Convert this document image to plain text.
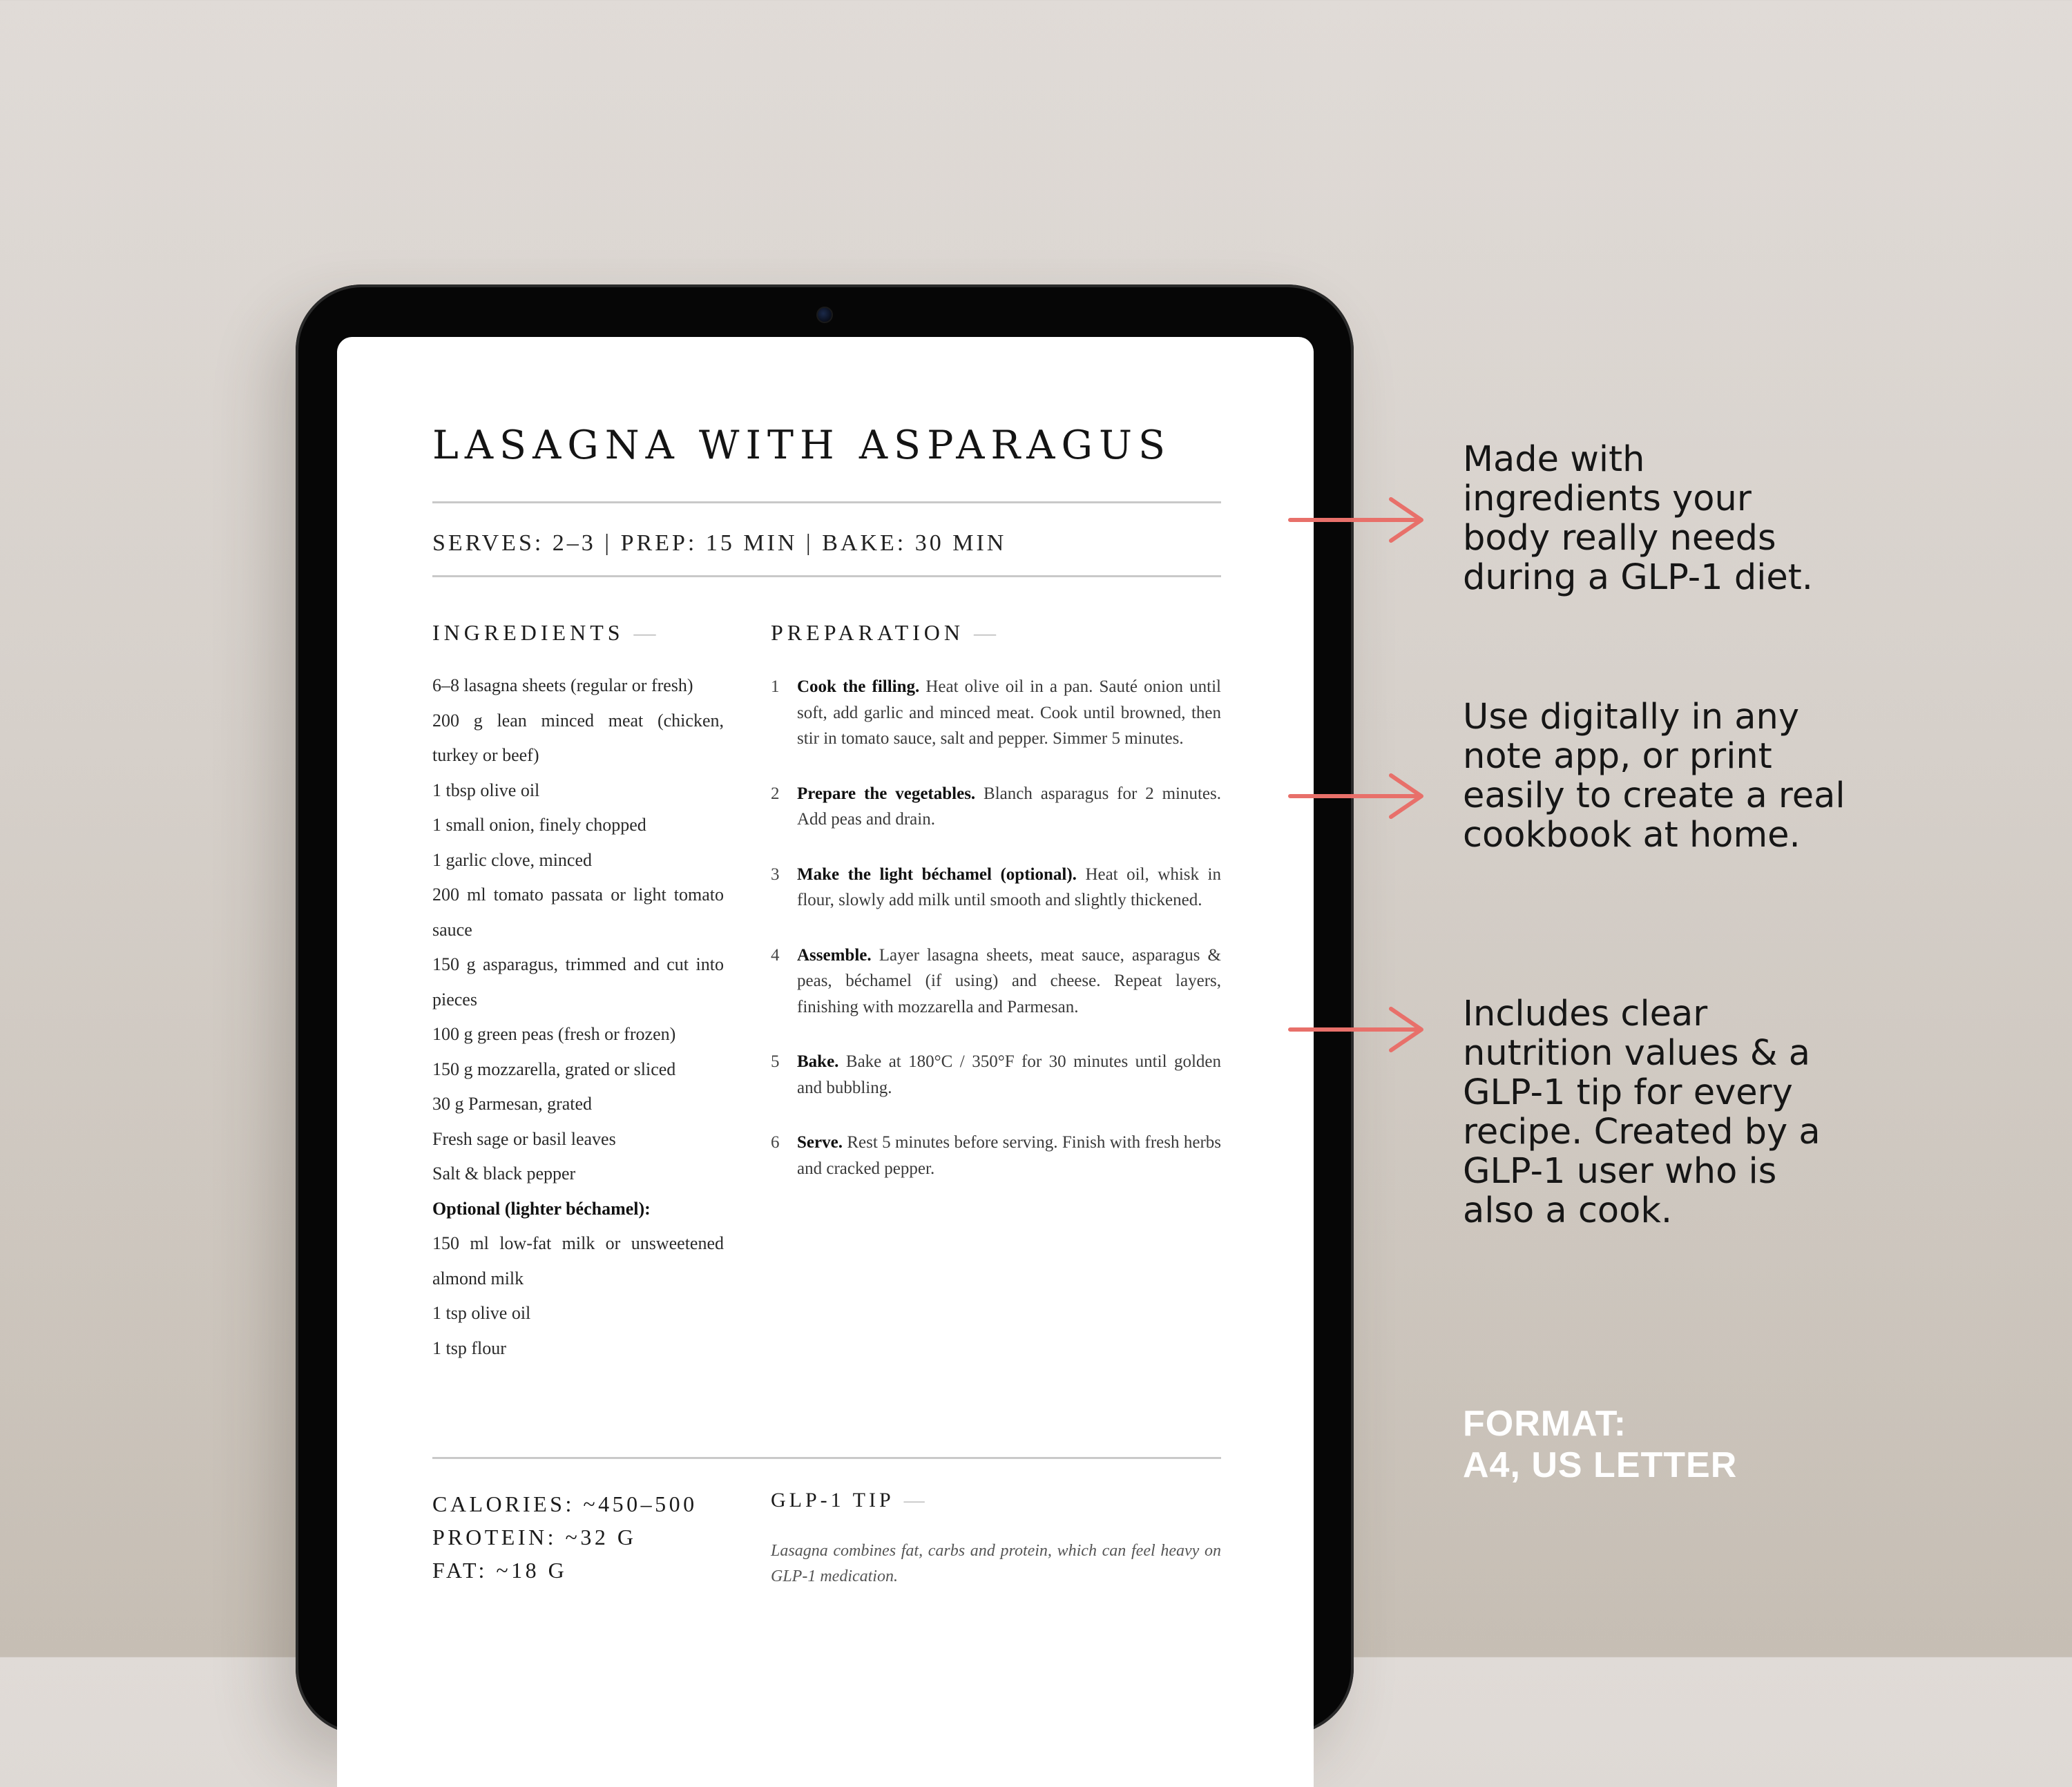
LASAGNA WITH ASPARAGUS
SERVES: 2–3 | PREP: 15 MIN | BAKE: 30 MIN
INGREDIENTS —
6–8 lasagna sheets (regular or fresh)
200 g lean minced meat (chicken, turkey or beef)
1 tbsp olive oil
1 small onion, finely chopped
1 garlic clove, minced
200 ml tomato passata or light tomato sauce
150 g asparagus, trimmed and cut into pieces
100 g green peas (fresh or frozen)
150 g mozzarella, grated or sliced
30 g Parmesan, grated
Fresh sage or basil leaves
Salt & black pepper
Optional (lighter béchamel):
150 ml low-fat milk or unsweetened almond milk
1 tsp olive oil
1 tsp flour
PREPARATION —
1 Cook the filling. Heat olive oil in a pan. Sauté onion until soft, add garlic and minced meat. Cook until browned, then stir in tomato sauce, salt and pepper. Simmer 5 minutes.
2 Prepare the vegetables. Blanch asparagus for 2 minutes. Add peas and drain.
3 Make the light béchamel (optional). Heat oil, whisk in flour, slowly add milk until smooth and slightly thickened.
4 Assemble. Layer lasagna sheets, meat sauce, asparagus & peas, béchamel (if using) and cheese. Repeat layers, finishing with mozzarella and Parmesan.
5 Bake. Bake at 180°C / 350°F for 30 minutes until golden and bubbling.
6 Serve. Rest 5 minutes before serving. Finish with fresh herbs and cracked pepper.
CALORIES: ~450–500
PROTEIN: ~32 G
FAT: ~18 G
GLP-1 TIP —
Lasagna combines fat, carbs and protein, which can feel heavy on GLP-1 medication.
Made with ingredients your body really needs during a GLP-1 diet.
Use digitally in any note app, or print easily to create a real cookbook at home.
Includes clear nutrition values & a GLP-1 tip for every recipe. Created by a GLP-1 user who is also a cook.
FORMAT:
A4, US LETTER
